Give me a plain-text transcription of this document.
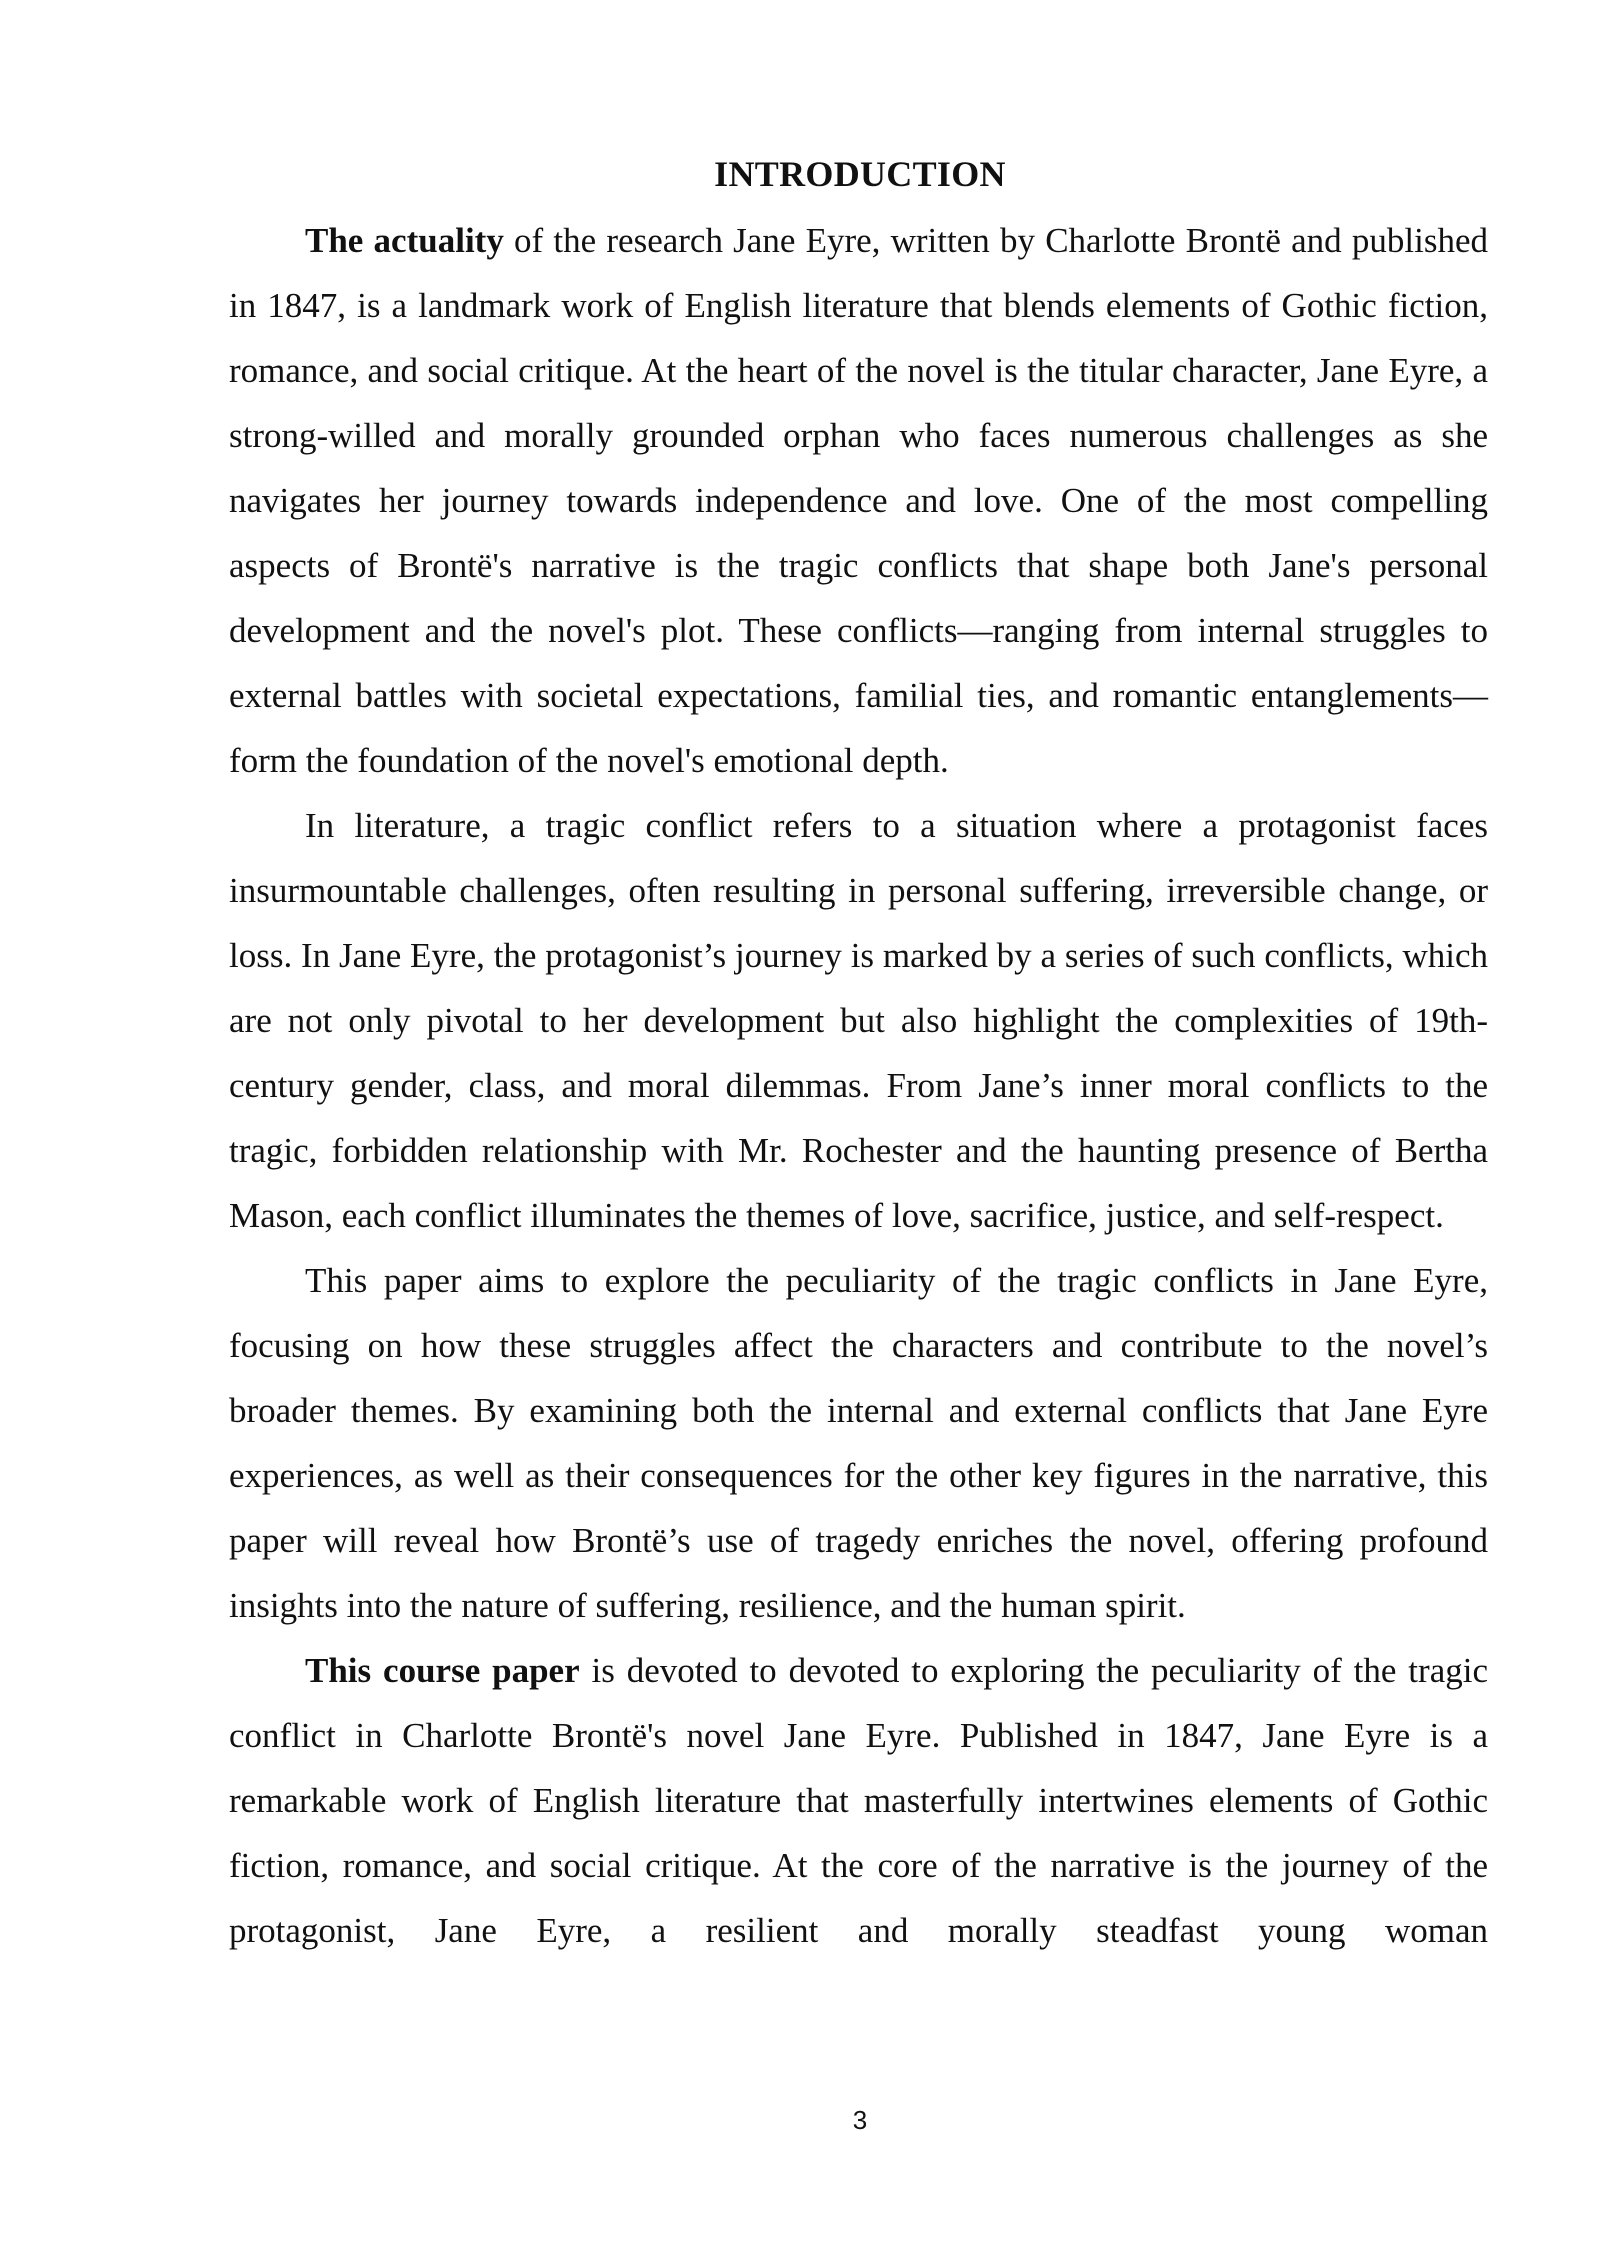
INTRODUCTION

The actuality of the research Jane Eyre, written by Charlotte Brontë and published in 1847, is a landmark work of English literature that blends elements of Gothic fiction, romance, and social critique. At the heart of the novel is the titular character, Jane Eyre, a strong-willed and morally grounded orphan who faces numerous challenges as she navigates her journey towards independence and love. One of the most compelling aspects of Brontë's narrative is the tragic conflicts that shape both Jane's personal development and the novel's plot. These conflicts—ranging from internal struggles to external battles with societal expectations, familial ties, and romantic entanglements—form the foundation of the novel's emotional depth.

In literature, a tragic conflict refers to a situation where a protagonist faces insurmountable challenges, often resulting in personal suffering, irreversible change, or loss. In Jane Eyre, the protagonist’s journey is marked by a series of such conflicts, which are not only pivotal to her development but also highlight the complexities of 19th-century gender, class, and moral dilemmas. From Jane’s inner moral conflicts to the tragic, forbidden relationship with Mr. Rochester and the haunting presence of Bertha Mason, each conflict illuminates the themes of love, sacrifice, justice, and self-respect.

This paper aims to explore the peculiarity of the tragic conflicts in Jane Eyre, focusing on how these struggles affect the characters and contribute to the novel’s broader themes. By examining both the internal and external conflicts that Jane Eyre experiences, as well as their consequences for the other key figures in the narrative, this paper will reveal how Brontë’s use of tragedy enriches the novel, offering profound insights into the nature of suffering, resilience, and the human spirit.

This course paper is devoted to devoted to exploring the peculiarity of the tragic conflict in Charlotte Brontë's novel Jane Eyre. Published in 1847, Jane Eyre is a remarkable work of English literature that masterfully intertwines elements of Gothic fiction, romance, and social critique. At the core of the narrative is the journey of the protagonist, Jane Eyre, a resilient and morally steadfast young woman

3
